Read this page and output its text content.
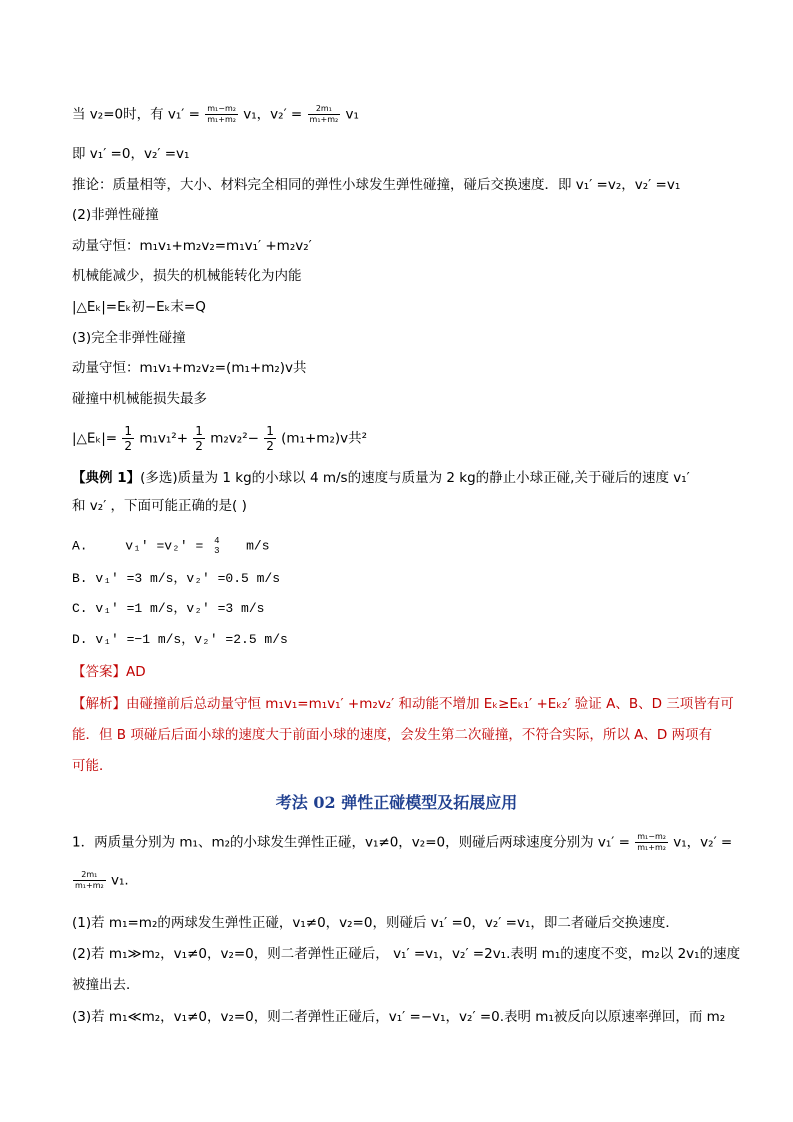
当 v₂=0时，有 $v_1' = \frac{\text{m₁−m₂}}{\text{m₁+m₂}} v_1$，$v_2' = \frac{\text{2m₁}}{\text{m₁+m₂}} v_1$
即 v₁′ =0，v₂′ =v₁
推论：质量相等，大小、材料完全相同的弹性小球发生弹性碰撞，碰后交换速度．即 v₁′ =v₂，v₂′ =v₁
(2)非弹性碰撞
动量守恒：m₁v₁+m₂v₂=m₁v₁′ +m₂v₂′
机械能减少，损失的机械能转化为内能
|△Eₖ|=Eₖ初−Eₖ末=Q
(3)完全非弹性碰撞
动量守恒：m₁v₁+m₂v₂=(m₁+m₂)v共
碰撞中机械能损失最多
|△Eₖ|= $\frac{1}{2} m_1v_1^2+ \frac{1}{2} m_2v_2^2- \frac{1}{2} (m_1+m_2)v$共²
【典例 1】(多选)质量为 1 kg的小球以 4 m/s的速度与质量为 2 kg的静止小球正碰,关于碰后的速度 v₁′
和 v₂′ ，下面可能正确的是( )
A.	v₁′ =v₂′ = 4
3 m/s
B. v₁′ =3 m/s，v₂′ =0.5 m/s
C. v₁′ =1 m/s，v₂′ =3 m/s
D. v₁′ =−1 m/s，v₂′ =2.5 m/s
【答案】AD
【解析】由碰撞前后总动量守恒 m₁v₁=m₁v₁′ +m₂v₂′ 和动能不增加 Eₖ≥Eₖ₁′ +Eₖ₂′ 验证 A、B、D 三项皆有可
能．但 B 项碰后后面小球的速度大于前面小球的速度，会发生第二次碰撞，不符合实际，所以 A、D 两项有
可能．
考法 02 弹性正碰模型及拓展应用
1．两质量分别为 m₁、m₂的小球发生弹性正碰，v₁≠0，v₂=0，则碰后两球速度分别为 $v_1' = \frac{\text{m₁−m₂}}{\text{m₁+m₂}} v_1$，v₂′ =
$\frac{\text{2m₁}}{\text{m₁+m₂}} v_1$.
(1)若 m₁=m₂的两球发生弹性正碰，v₁≠0，v₂=0，则碰后 v₁′ =0，v₂′ =v₁，即二者碰后交换速度．
(2)若 m₁≫m₂，v₁≠0，v₂=0，则二者弹性正碰后， v₁′ =v₁，v₂′ =2v₁.表明 m₁的速度不变，m₂以 2v₁的速度
被撞出去．
(3)若 m₁≪m₂，v₁≠0，v₂=0，则二者弹性正碰后，v₁′ =−v₁，v₂′ =0.表明 m₁被反向以原速率弹回，而 m₂
